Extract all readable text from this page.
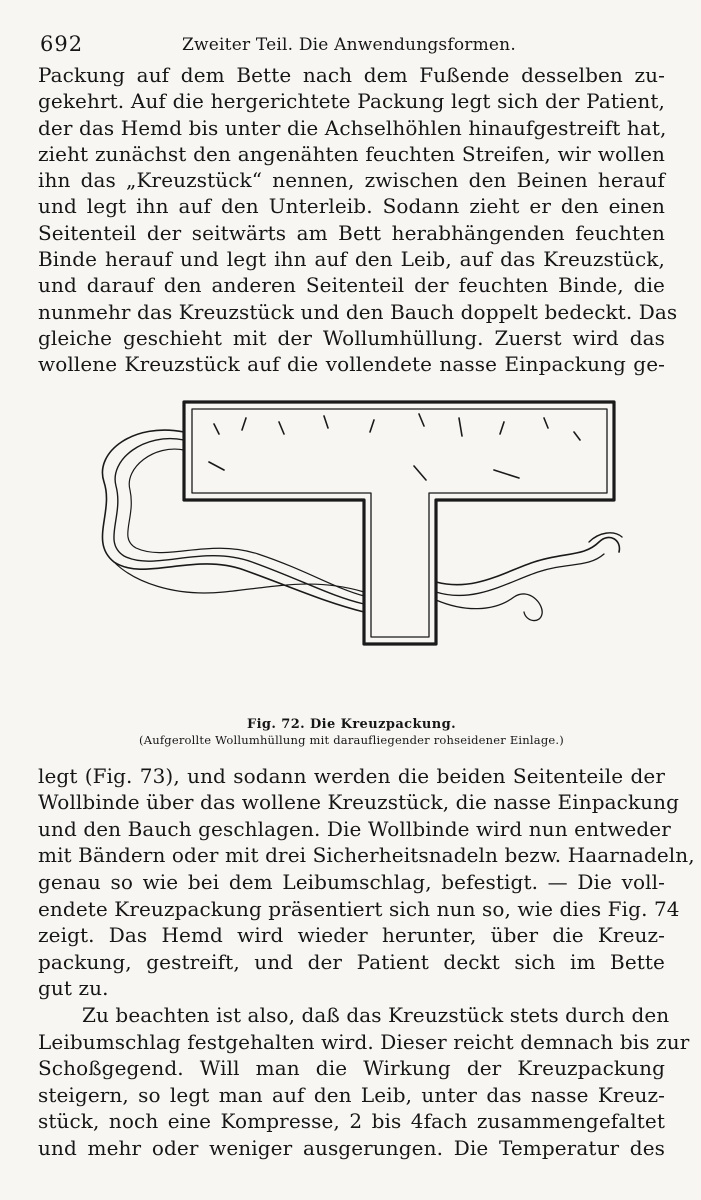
692	Zweiter Teil. Die Anwendungsformen.
Packung auf dem Bette nach dem Fußende desselben zu-
gekehrt. Auf die hergerichtete Packung legt sich der Patient,
der das Hemd bis unter die Achselhöhlen hinaufgestreift hat,
zieht zunächst den angenähten feuchten Streifen, wir wollen
ihn das „Kreuzstück“ nennen, zwischen den Beinen herauf
und legt ihn auf den Unterleib. Sodann zieht er den einen
Seitenteil der seitwärts am Bett herabhängenden feuchten
Binde herauf und legt ihn auf den Leib, auf das Kreuzstück,
und darauf den anderen Seitenteil der feuchten Binde, die
nunmehr das Kreuzstück und den Bauch doppelt bedeckt. Das
gleiche geschieht mit der Wollumhüllung. Zuerst wird das
wollene Kreuzstück auf die vollendete nasse Einpackung ge-
Fig. 72. Die Kreuzpackung.
(Aufgerollte Wollumhüllung mit daraufliegender rohseidener Einlage.)
legt (Fig. 73), und sodann werden die beiden Seitenteile der
Wollbinde über das wollene Kreuzstück, die nasse Einpackung
und den Bauch geschlagen. Die Wollbinde wird nun entweder
mit Bändern oder mit drei Sicherheitsnadeln bezw. Haarnadeln,
genau so wie bei dem Leibumschlag, befestigt. — Die voll-
endete Kreuzpackung präsentiert sich nun so, wie dies Fig. 74
zeigt. Das Hemd wird wieder herunter, über die Kreuz-
packung, gestreift, und der Patient deckt sich im Bette
gut zu.
Zu beachten ist also, daß das Kreuzstück stets durch den
Leibumschlag festgehalten wird. Dieser reicht demnach bis zur
Schoßgegend. Will man die Wirkung der Kreuzpackung
steigern, so legt man auf den Leib, unter das nasse Kreuz-
stück, noch eine Kompresse, 2 bis 4fach zusammengefaltet
und mehr oder weniger ausgerungen. Die Temperatur des
